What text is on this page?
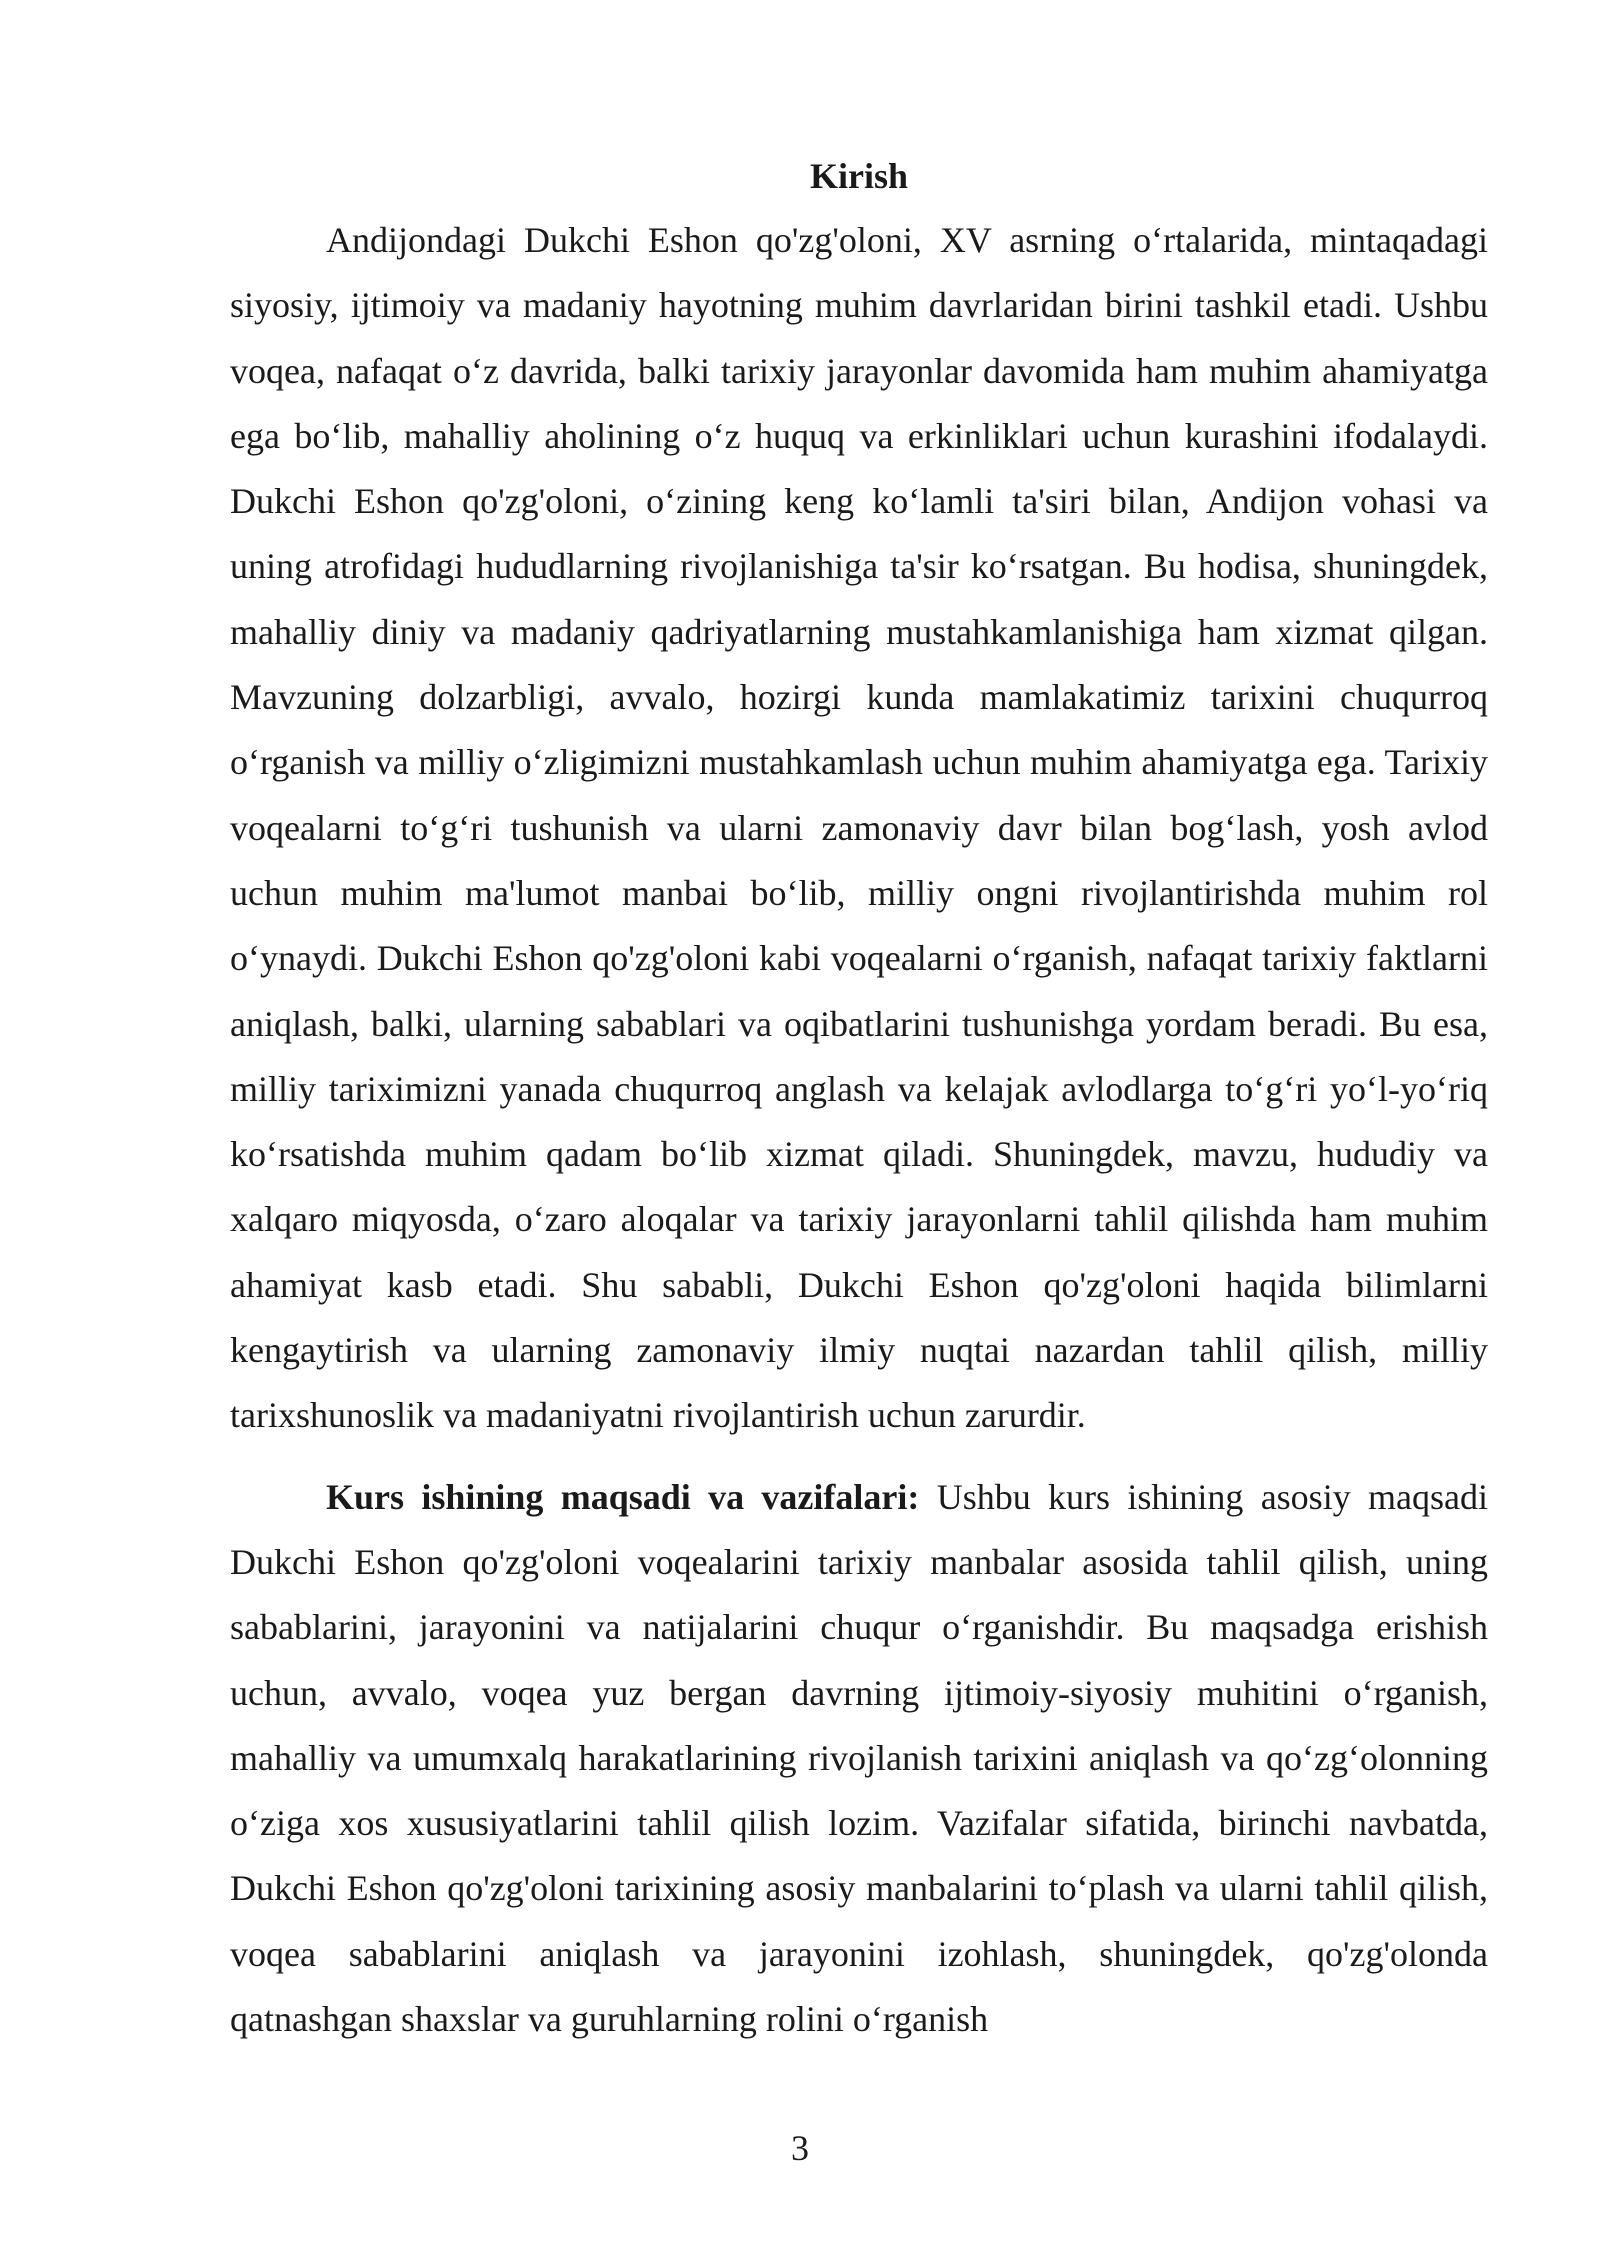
Kirish

Andijondagi Dukchi Eshon qo'zg'oloni, XV asrning o‘rtalarida, mintaqadagi siyosiy, ijtimoiy va madaniy hayotning muhim davrlaridan birini tashkil etadi. Ushbu voqea, nafaqat o‘z davrida, balki tarixiy jarayonlar davomida ham muhim ahamiyatga ega bo‘lib, mahalliy aholining o‘z huquq va erkinliklari uchun kurashini ifodalaydi. Dukchi Eshon qo'zg'oloni, o‘zining keng ko‘lamli ta'siri bilan, Andijon vohasi va uning atrofidagi hududlarning rivojlanishiga ta'sir ko‘rsatgan. Bu hodisa, shuningdek, mahalliy diniy va madaniy qadriyatlarning mustahkamlanishiga ham xizmat qilgan. Mavzuning dolzarbligi, avvalo, hozirgi kunda mamlakatimiz tarixini chuqurroq o‘rganish va milliy o‘zligimizni mustahkamlash uchun muhim ahamiyatga ega. Tarixiy voqealarni to‘g‘ri tushunish va ularni zamonaviy davr bilan bog‘lash, yosh avlod uchun muhim ma'lumot manbai bo‘lib, milliy ongni rivojlantirishda muhim rol o‘ynaydi. Dukchi Eshon qo'zg'oloni kabi voqealarni o‘rganish, nafaqat tarixiy faktlarni aniqlash, balki, ularning sabablari va oqibatlarini tushunishga yordam beradi. Bu esa, milliy tariximizni yanada chuqurroq anglash va kelajak avlodlarga to‘g‘ri yo‘l-yo‘riq ko‘rsatishda muhim qadam bo‘lib xizmat qiladi. Shuningdek, mavzu, hududiy va xalqaro miqyosda, o‘zaro aloqalar va tarixiy jarayonlarni tahlil qilishda ham muhim ahamiyat kasb etadi. Shu sababli, Dukchi Eshon qo'zg'oloni haqida bilimlarni kengaytirish va ularning zamonaviy ilmiy nuqtai nazardan tahlil qilish, milliy tarixshunoslik va madaniyatni rivojlantirish uchun zarurdir.

Kurs ishining maqsadi va vazifalari: Ushbu kurs ishining asosiy maqsadi Dukchi Eshon qo'zg'oloni voqealarini tarixiy manbalar asosida tahlil qilish, uning sabablarini, jarayonini va natijalarini chuqur o‘rganishdir. Bu maqsadga erishish uchun, avvalo, voqea yuz bergan davrning ijtimoiy-siyosiy muhitini o‘rganish, mahalliy va umumxalq harakatlarining rivojlanish tarixini aniqlash va qo‘zg‘olonning o‘ziga xos xususiyatlarini tahlil qilish lozim. Vazifalar sifatida, birinchi navbatda, Dukchi Eshon qo'zg'oloni tarixining asosiy manbalarini to‘plash va ularni tahlil qilish, voqea sabablarini aniqlash va jarayonini izohlash, shuningdek, qo'zg'olonda qatnashgan shaxslar va guruhlarning rolini o‘rganish

3
